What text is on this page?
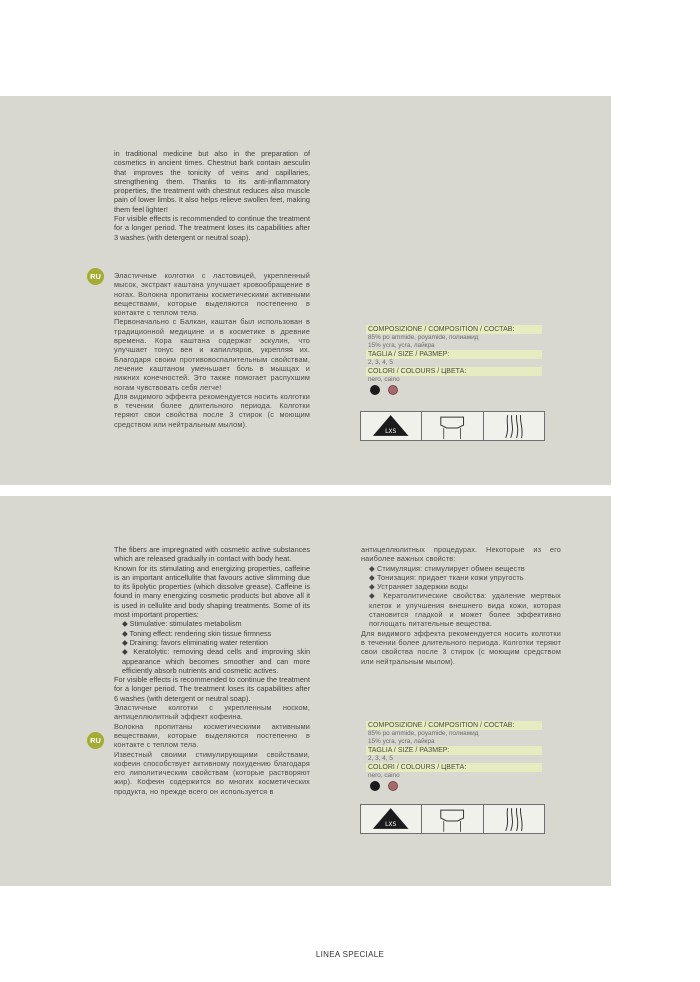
in traditional medicine but also in the preparation of cosmetics in ancient times. Chestnut bark contain aesculin that improves the tonicity of veins and capillaries, strengthening them. Thanks to its anti-inflammatory properties, the treatment with chestnut reduces also muscle pain of lower limbs. It also helps relieve swollen feet, making them feel lighter!

For visible effects is recommended to continue the treatment for a longer period. The treatment loses its capabilities after 3 washes (with detergent or neutral soap).

RU	Эластичные колготки с ластовицей, укрепленный мысок, экстракт каштана улучшает кровообращение в ногах. Волокна пропитаны косметическими активными веществами, которые выделяются постепенно в контакте с теплом тела.

Первоначально с Балкан, каштан был использован в традиционной медицине и в косметике в древние времена. Кора каштана содержат эскулин, что улучшает тонус вен и капилляров, укрепляя их. Благодаря своим противовоспалительным свойствам, лечение каштаном уменьшает боль в мышцах и нижних конечностей. Это также помогает распухшим ногам чувствовать себя легче!

Для видимого эффекта рекомендуется носить колготки в течении более длительного периода. Колготки теряют свои свойства после 3 стирок (с моющим средством или нейтральным мылом).

COMPOSIZIONE / COMPOSITION / СОСТАВ:
85% po ammide, poyamide, полиамид
15% ycra, ycra, лайкра
TAGLIA / SIZE / РАЗМЕР:
2, 3, 4, 5
COLORI / COLOURS / ЦВЕТА:
nero, caino
LXS

The fibers are impregnated with cosmetic active substances which are released gradually in contact with body heat.

Known for its stimulating and energizing properties, caffeine is an important anticellulite that favours active slimming due to its lipolytic properties (which dissolve grease). Caffeine is found in many energizing cosmetic products but above all it is used in cellulite and body shaping treatments. Some of its most important properties:

◆ Stimulative: stimulates metabolism

◆ Toning effect: rendering skin tissue firmness

◆ Draining: favors eliminating water retention

◆ Keratolytic: removing dead cells and improving skin appearance which becomes smoother and can more efficiently absorb nutrients and cosmetic actives.

For visible effects is recommended to continue the treatment for a longer period. The treatment loses its capabilities after 6 washes (with detergent or neutral soap).

Эластичные колготки с укрепленным носком, антицеллюлитный эффект кофеина.

Волокна пропитаны косметическими активными веществами, которые выделяются постепенно в контакте с теплом тела.

Известный своими стимулирующими свойствами, кофеин способствует активному похудению благодаря его липолитическим свойствам (которые растворяют жир). Кофеин содержится во многих косметических продукта, но прежде всего он используется в

RU

антицеллюлитных процедурах. Некоторые из его наиболее важных свойств:

◆ Стимуляция: стимулирует обмен веществ

◆ Тонизация: придает ткани кожи упругость

◆ Устраняет задержки воды

◆ Кератолитические свойства: удаление мертвых клеток и улучшения внешнего вида кожи, которая становится гладкой и может более эффективно поглощать питательные вещества.

Для видимого эффекта рекомендуется носить колготки в течении более длительного периода. Колготки теряют свои свойства после 3 стирок (с моющим средством или нейтральным мылом).

COMPOSIZIONE / COMPOSITION / СОСТАВ:
85% po ammide, poyamide, полиамид
15% ycra, ycra, лайкра
TAGLIA / SIZE / РАЗМЕР:
2, 3, 4, 5
COLORI / COLOURS / ЦВЕТА:
nero, caino
LXS
LINEA SPECIALE
